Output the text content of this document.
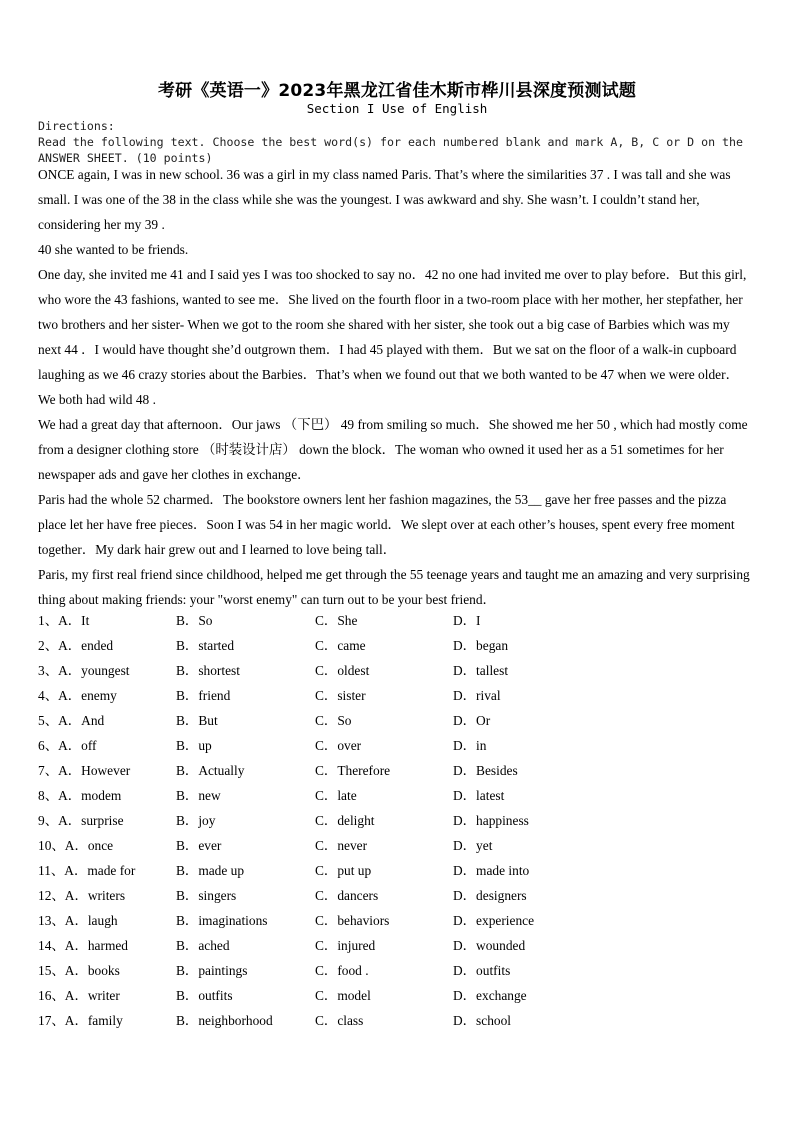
考研《英语一》2023年黑龙江省佳木斯市桦川县深度预测试题
Section I Use of English
Directions:
Read the following text. Choose the best word(s) for each numbered blank and mark A, B, C or D on the ANSWER SHEET. (10 points)

ONCE again, I was in new school. 36 was a girl in my class named Paris. That’s where the similarities 37 . I was tall and she was small. I was one of the 38 in the class while she was the youngest. I was awkward and shy. She wasn’t. I couldn’t stand her, considering her my 39 .

40 she wanted to be friends.

One day, she invited me 41 and I said yes I was too shocked to say no．42 no one had invited me over to play before．But this girl, who wore the 43 fashions, wanted to see me．She lived on the fourth floor in a two-room place with her mother, her stepfather, her two brothers and her sister- When we got to the room she shared with her sister, she took out a big case of Barbies which was my next 44 ．I would have thought she’d outgrown them．I had 45 played with them．But we sat on the floor of a walk-in cupboard laughing as we 46 crazy stories about the Barbies．That’s when we found out that we both wanted to be 47 when we were older．We both had wild 48 .

We had a great day that afternoon．Our jaws （下巴） 49 from smiling so much．She showed me her 50 , which had mostly come from a designer clothing store （时装设计店） down the block．The woman who owned it used her as a 51 sometimes for her newspaper ads and gave her clothes in exchange．

Paris had the whole 52 charmed．The bookstore owners lent her fashion magazines, the 53__ gave her free passes and the pizza place let her have free pieces．Soon I was 54 in her magic world．We slept over at each other’s houses, spent every free moment together．My dark hair grew out and I learned to love being tall．

Paris, my first real friend since childhood, helped me get through the 55 teenage years and taught me an amazing and very surprising thing about making friends: your "worst enemy" can turn out to be your best friend．

1、A．It	B．So	C．She	D．I
2、A．ended	B．started	C．came	D．began
3、A．youngest	B．shortest	C．oldest	D．tallest
4、A．enemy	B．friend	C．sister	D．rival
5、A．And	B．But	C．So	D．Or
6、A．off	B．up	C．over	D．in
7、A．However	B．Actually	C．Therefore	D．Besides
8、A．modem	B．new	C．late	D．latest
9、A．surprise	B．joy	C．delight	D．happiness
10、A．once	B．ever	C．never	D．yet
11、A．made for	B．made up	C．put up	D．made into
12、A．writers	B．singers	C．dancers	D．designers
13、A．laugh	B．imaginations	C．behaviors	D．experience
14、A．harmed	B．ached	C．injured	D．wounded
15、A．books	B．paintings	C．food .	D．outfits
16、A．writer	B．outfits	C．model	D．exchange
17、A．family	B．neighborhood	C．class	D．school
